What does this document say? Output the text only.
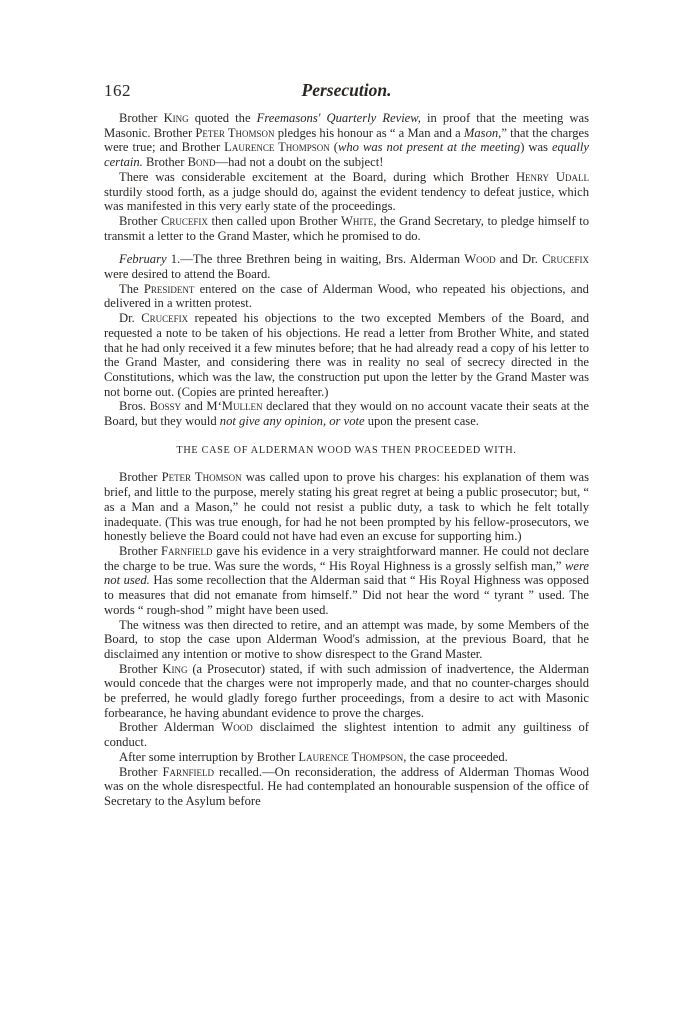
162	Persecution.

Brother King quoted the Freemasons' Quarterly Review, in proof that the meeting was Masonic. Brother Peter Thomson pledges his honour as “ a Man and a Mason,” that the charges were true; and Brother Laurence Thompson (who was not present at the meeting) was equally certain. Brother Bond—had not a doubt on the subject!

There was considerable excitement at the Board, during which Brother Henry Udall sturdily stood forth, as a judge should do, against the evident tendency to defeat justice, which was manifested in this very early state of the proceedings.

Brother Crucefix then called upon Brother White, the Grand Secretary, to pledge himself to transmit a letter to the Grand Master, which he promised to do.

February 1.—The three Brethren being in waiting, Brs. Alderman Wood and Dr. Crucefix were desired to attend the Board.

The President entered on the case of Alderman Wood, who repeated his objections, and delivered in a written protest.

Dr. Crucefix repeated his objections to the two excepted Members of the Board, and requested a note to be taken of his objections. He read a letter from Brother White, and stated that he had only received it a few minutes before; that he had already read a copy of his letter to the Grand Master, and considering there was in reality no seal of secrecy directed in the Constitutions, which was the law, the construction put upon the letter by the Grand Master was not borne out. (Copies are printed hereafter.)

Bros. Bossy and M‘Mullen declared that they would on no account vacate their seats at the Board, but they would not give any opinion, or vote upon the present case.

THE CASE OF ALDERMAN WOOD WAS THEN PROCEEDED WITH.

Brother Peter Thomson was called upon to prove his charges: his explanation of them was brief, and little to the purpose, merely stating his great regret at being a public prosecutor; but, “ as a Man and a Mason,” he could not resist a public duty, a task to which he felt totally inadequate. (This was true enough, for had he not been prompted by his fellow-prosecutors, we honestly believe the Board could not have had even an excuse for supporting him.)

Brother Farnfield gave his evidence in a very straightforward manner. He could not declare the charge to be true. Was sure the words, “ His Royal Highness is a grossly selfish man,” were not used. Has some recollection that the Alderman said that “ His Royal Highness was opposed to measures that did not emanate from himself.” Did not hear the word “ tyrant ” used. The words “ rough-shod ” might have been used.

The witness was then directed to retire, and an attempt was made, by some Members of the Board, to stop the case upon Alderman Wood's admission, at the previous Board, that he disclaimed any intention or motive to show disrespect to the Grand Master.

Brother King (a Prosecutor) stated, if with such admission of inadvertence, the Alderman would concede that the charges were not improperly made, and that no counter-charges should be preferred, he would gladly forego further proceedings, from a desire to act with Masonic forbearance, he having abundant evidence to prove the charges.

Brother Alderman Wood disclaimed the slightest intention to admit any guiltiness of conduct.

After some interruption by Brother Laurence Thompson, the case proceeded.

Brother Farnfield recalled.—On reconsideration, the address of Alderman Thomas Wood was on the whole disrespectful. He had contemplated an honourable suspension of the office of Secretary to the Asylum before
